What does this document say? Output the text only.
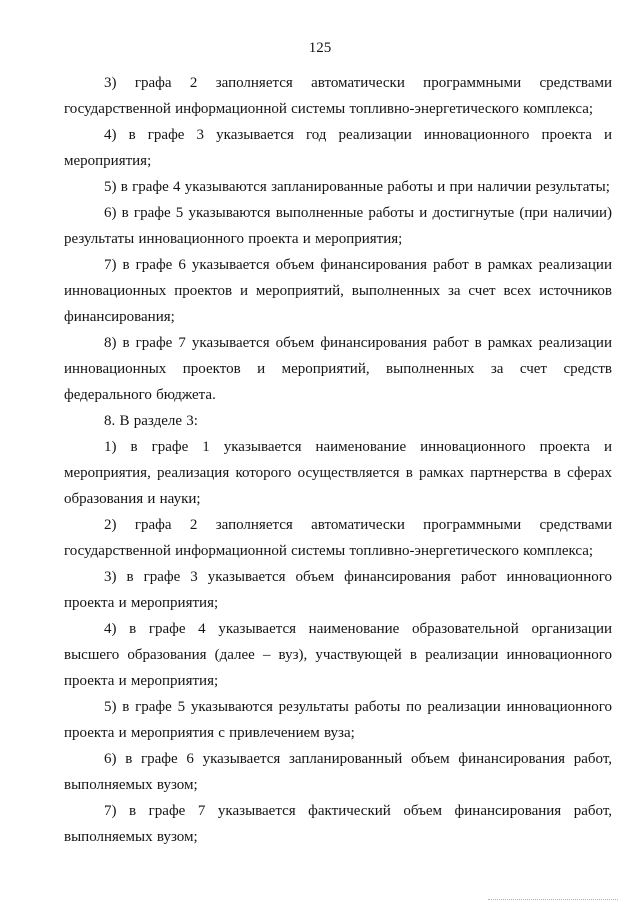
125

3)   графа   2   заполняется   автоматически   программными   средствами государственной информационной системы топливно-энергетического комплекса;

4)  в  графе  3  указывается  год  реализации  инновационного  проекта  и мероприятия;

5) в графе 4 указываются запланированные работы и при наличии результаты;

6) в графе 5 указываются выполненные работы и достигнутые (при наличии) результаты инновационного проекта и мероприятия;

7) в графе 6 указывается объем финансирования работ в рамках реализации инновационных проектов и мероприятий, выполненных за счет всех источников финансирования;

8) в графе 7 указывается объем финансирования работ в рамках реализации инновационных проектов и мероприятий, выполненных за счет средств федерального бюджета.

8. В разделе 3:

1)  в  графе  1  указывается  наименование  инновационного  проекта  и мероприятия, реализация которого осуществляется в рамках партнерства в сферах образования и науки;

2)   графа   2   заполняется   автоматически   программными   средствами государственной информационной системы топливно-энергетического комплекса;

3) в графе 3 указывается объем финансирования работ инновационного проекта и мероприятия;

4) в графе 4 указывается наименование образовательной организации высшего образования (далее – вуз), участвующей в реализации инновационного проекта и мероприятия;

5) в графе 5 указываются результаты работы по реализации инновационного проекта и мероприятия с привлечением вуза;

6) в графе 6 указывается запланированный объем финансирования работ, выполняемых вузом;

7)  в  графе  7  указывается  фактический  объем  финансирования  работ, выполняемых вузом;
